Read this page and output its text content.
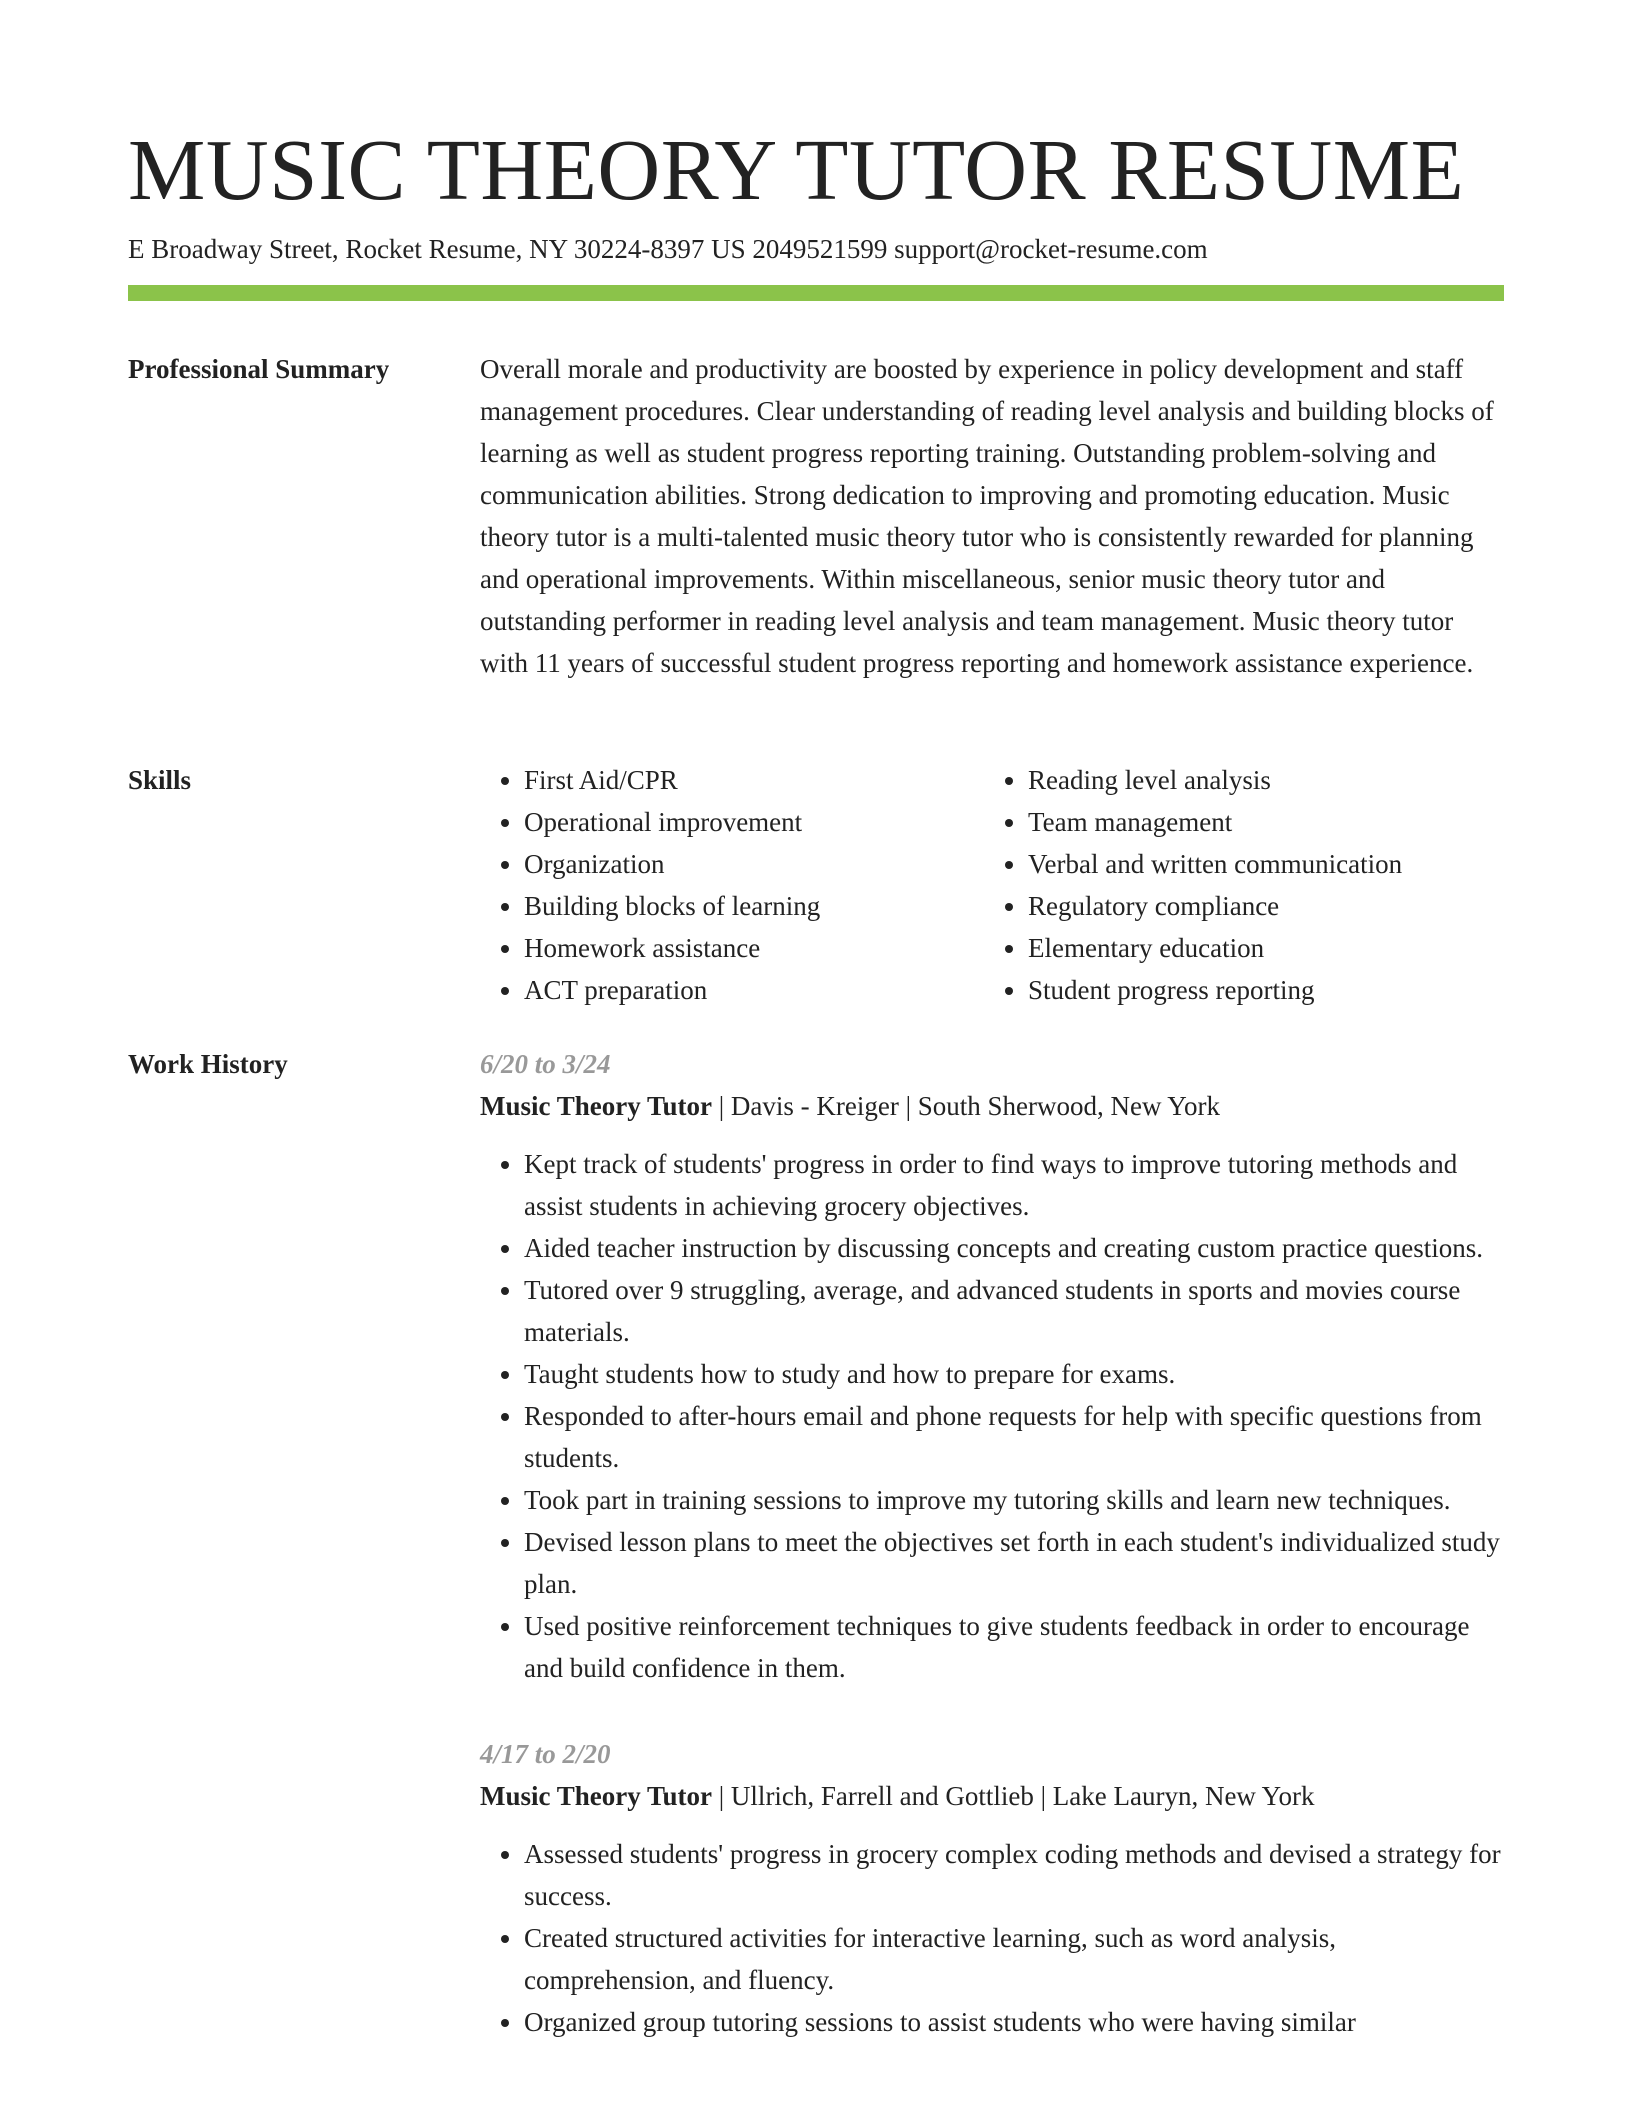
MUSIC THEORY TUTOR RESUME
E Broadway Street, Rocket Resume, NY 30224-8397 US 2049521599 support@rocket-resume.com
Professional Summary	Overall morale and productivity are boosted by experience in policy development and staff management procedures. Clear understanding of reading level analysis and building blocks of learning as well as student progress reporting training. Outstanding problem-solving and communication abilities. Strong dedication to improving and promoting education. Music theory tutor is a multi-talented music theory tutor who is consistently rewarded for planning and operational improvements. Within miscellaneous, senior music theory tutor and outstanding performer in reading level analysis and team management. Music theory tutor with 11 years of successful student progress reporting and homework assistance experience.

Skills
•	First Aid/CPR
• Operational improvement
• Organization
• Building blocks of learning
• Homework assistance
• ACT preparation
• Reading level analysis
• Team management
• Verbal and written communication
• Regulatory compliance
• Elementary education
• Student progress reporting
Work History	6/20 to 3/24
Music Theory Tutor | Davis - Kreiger | South Sherwood, New York
• Kept track of students' progress in order to find ways to improve tutoring methods and assist students in achieving grocery objectives.
• Aided teacher instruction by discussing concepts and creating custom practice questions.
• Tutored over 9 struggling, average, and advanced students in sports and movies course materials.
• Taught students how to study and how to prepare for exams.
• Responded to after-hours email and phone requests for help with specific questions from students.
• Took part in training sessions to improve my tutoring skills and learn new techniques.
• Devised lesson plans to meet the objectives set forth in each student's individualized study plan.
• Used positive reinforcement techniques to give students feedback in order to encourage and build confidence in them.
4/17 to 2/20
Music Theory Tutor | Ullrich, Farrell and Gottlieb | Lake Lauryn, New York
• Assessed students' progress in grocery complex coding methods and devised a strategy for success.
• Created structured activities for interactive learning, such as word analysis, comprehension, and fluency.
• Organized group tutoring sessions to assist students who were having similar
